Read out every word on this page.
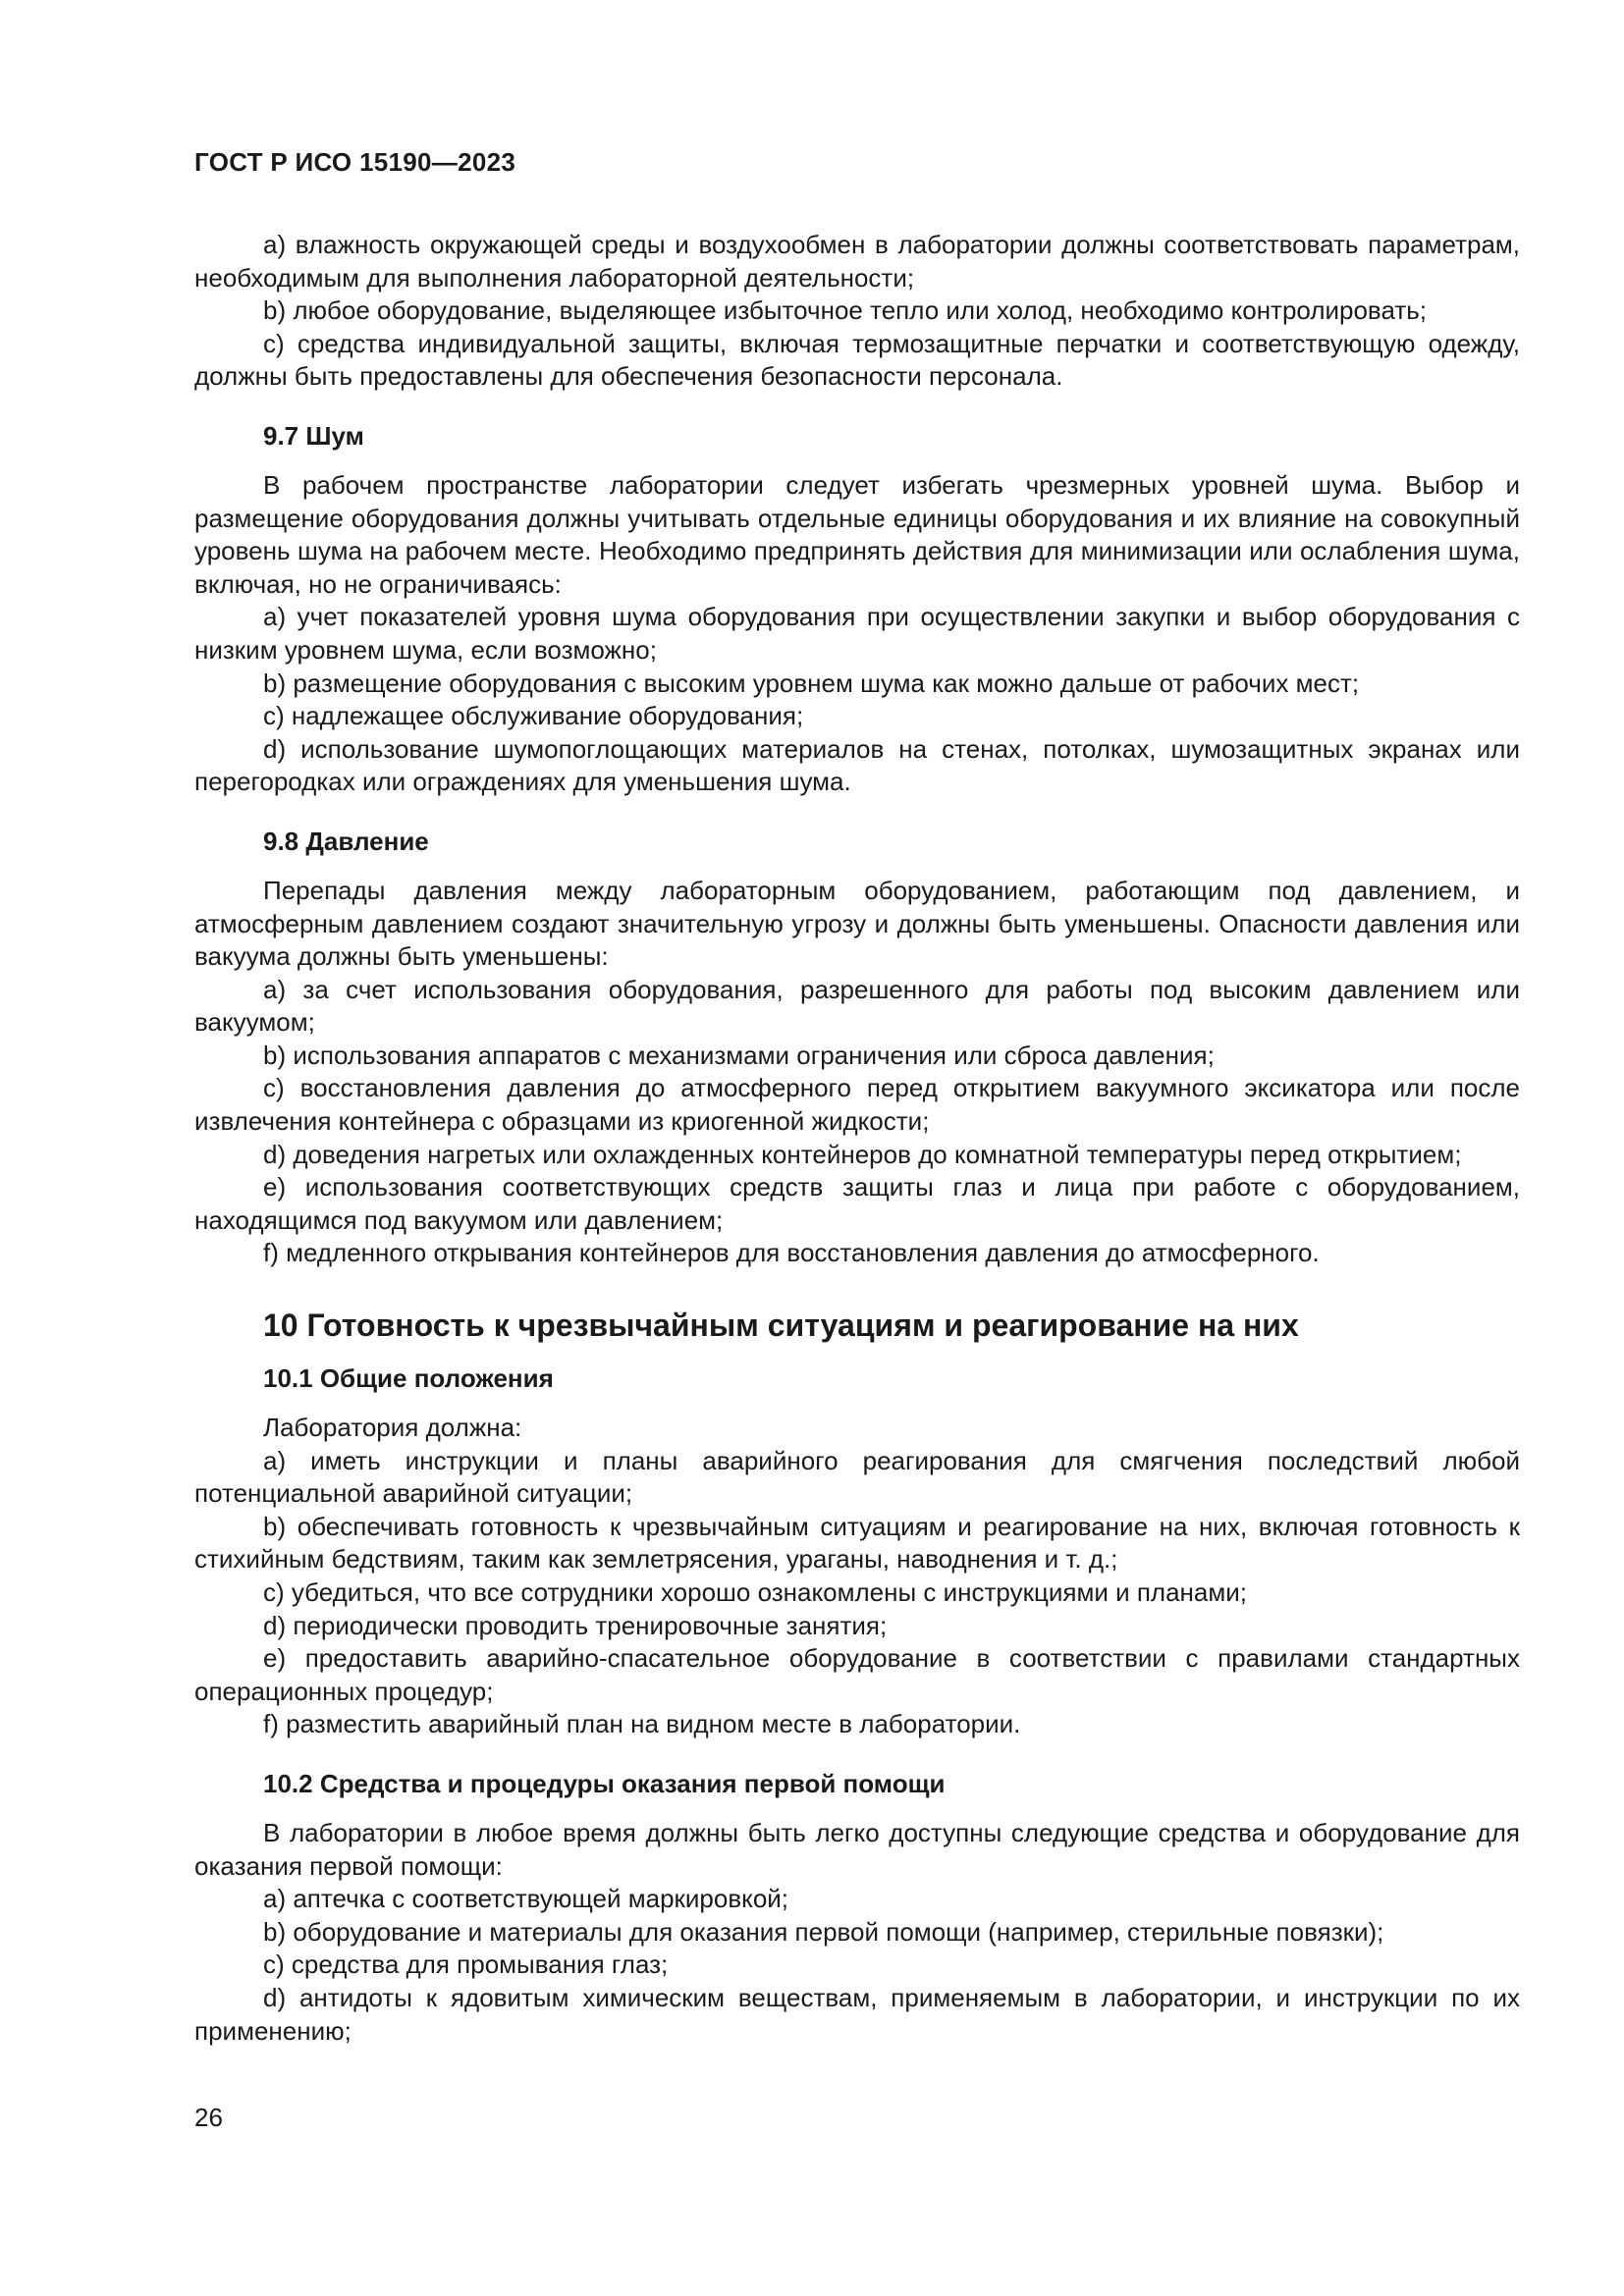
ГОСТ Р ИСО 15190—2023
a) влажность окружающей среды и воздухообмен в лаборатории должны соответствовать параметрам, необходимым для выполнения лабораторной деятельности;
b) любое оборудование, выделяющее избыточное тепло или холод, необходимо контролировать;
c) средства индивидуальной защиты, включая термозащитные перчатки и соответствующую одежду, должны быть предоставлены для обеспечения безопасности персонала.
9.7 Шум
В рабочем пространстве лаборатории следует избегать чрезмерных уровней шума. Выбор и размещение оборудования должны учитывать отдельные единицы оборудования и их влияние на совокупный уровень шума на рабочем месте. Необходимо предпринять действия для минимизации или ослабления шума, включая, но не ограничиваясь:
a) учет показателей уровня шума оборудования при осуществлении закупки и выбор оборудования с низким уровнем шума, если возможно;
b) размещение оборудования с высоким уровнем шума как можно дальше от рабочих мест;
c) надлежащее обслуживание оборудования;
d) использование шумопоглощающих материалов на стенах, потолках, шумозащитных экранах или перегородках или ограждениях для уменьшения шума.
9.8 Давление
Перепады давления между лабораторным оборудованием, работающим под давлением, и атмосферным давлением создают значительную угрозу и должны быть уменьшены. Опасности давления или вакуума должны быть уменьшены:
a) за счет использования оборудования, разрешенного для работы под высоким давлением или вакуумом;
b) использования аппаратов с механизмами ограничения или сброса давления;
c) восстановления давления до атмосферного перед открытием вакуумного эксикатора или после извлечения контейнера с образцами из криогенной жидкости;
d) доведения нагретых или охлажденных контейнеров до комнатной температуры перед открытием;
e) использования соответствующих средств защиты глаз и лица при работе с оборудованием, находящимся под вакуумом или давлением;
f) медленного открывания контейнеров для восстановления давления до атмосферного.
10 Готовность к чрезвычайным ситуациям и реагирование на них
10.1 Общие положения
Лаборатория должна:
a) иметь инструкции и планы аварийного реагирования для смягчения последствий любой потенциальной аварийной ситуации;
b) обеспечивать готовность к чрезвычайным ситуациям и реагирование на них, включая готовность к стихийным бедствиям, таким как землетрясения, ураганы, наводнения и т. д.;
c) убедиться, что все сотрудники хорошо ознакомлены с инструкциями и планами;
d) периодически проводить тренировочные занятия;
e) предоставить аварийно-спасательное оборудование в соответствии с правилами стандартных операционных процедур;
f) разместить аварийный план на видном месте в лаборатории.
10.2 Средства и процедуры оказания первой помощи
В лаборатории в любое время должны быть легко доступны следующие средства и оборудование для оказания первой помощи:
a) аптечка с соответствующей маркировкой;
b) оборудование и материалы для оказания первой помощи (например, стерильные повязки);
c) средства для промывания глаз;
d) антидоты к ядовитым химическим веществам, применяемым в лаборатории, и инструкции по их применению;
26
